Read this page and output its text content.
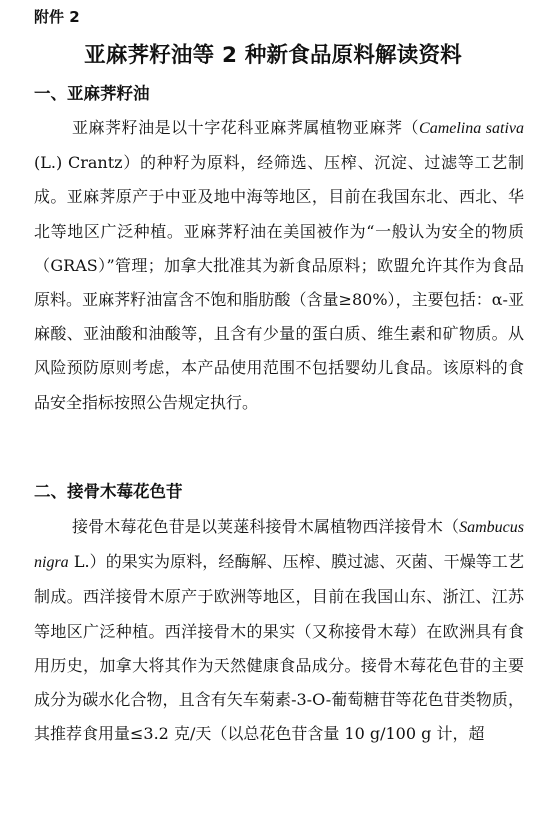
附件 2
亚麻荠籽油等 2 种新食品原料解读资料
一、亚麻荠籽油

亚麻荠籽油是以十字花科亚麻荠属植物亚麻荠（Camelina sativa (L.) Crantz）的种籽为原料，经筛选、压榨、沉淀、过滤等工艺制成。亚麻荠原产于中亚及地中海等地区，目前在我国东北、西北、华北等地区广泛种植。亚麻荠籽油在美国被作为“一般认为安全的物质（GRAS）”管理；加拿大批准其为新食品原料；欧盟允许其作为食品原料。亚麻荠籽油富含不饱和脂肪酸（含量≥80%），主要包括：α-亚麻酸、亚油酸和油酸等，且含有少量的蛋白质、维生素和矿物质。从风险预防原则考虑，本产品使用范围不包括婴幼儿食品。该原料的食品安全指标按照公告规定执行。

二、接骨木莓花色苷

接骨木莓花色苷是以荚蒾科接骨木属植物西洋接骨木（Sambucus nigra L.）的果实为原料，经酶解、压榨、膜过滤、灭菌、干燥等工艺制成。西洋接骨木原产于欧洲等地区，目前在我国山东、浙江、江苏等地区广泛种植。西洋接骨木的果实（又称接骨木莓）在欧洲具有食用历史，加拿大将其作为天然健康食品成分。接骨木莓花色苷的主要成分为碳水化合物，且含有矢车菊素-3-O-葡萄糖苷等花色苷类物质，其推荐食用量≤3.2 克/天（以总花色苷含量 10 g/100 g 计，超
